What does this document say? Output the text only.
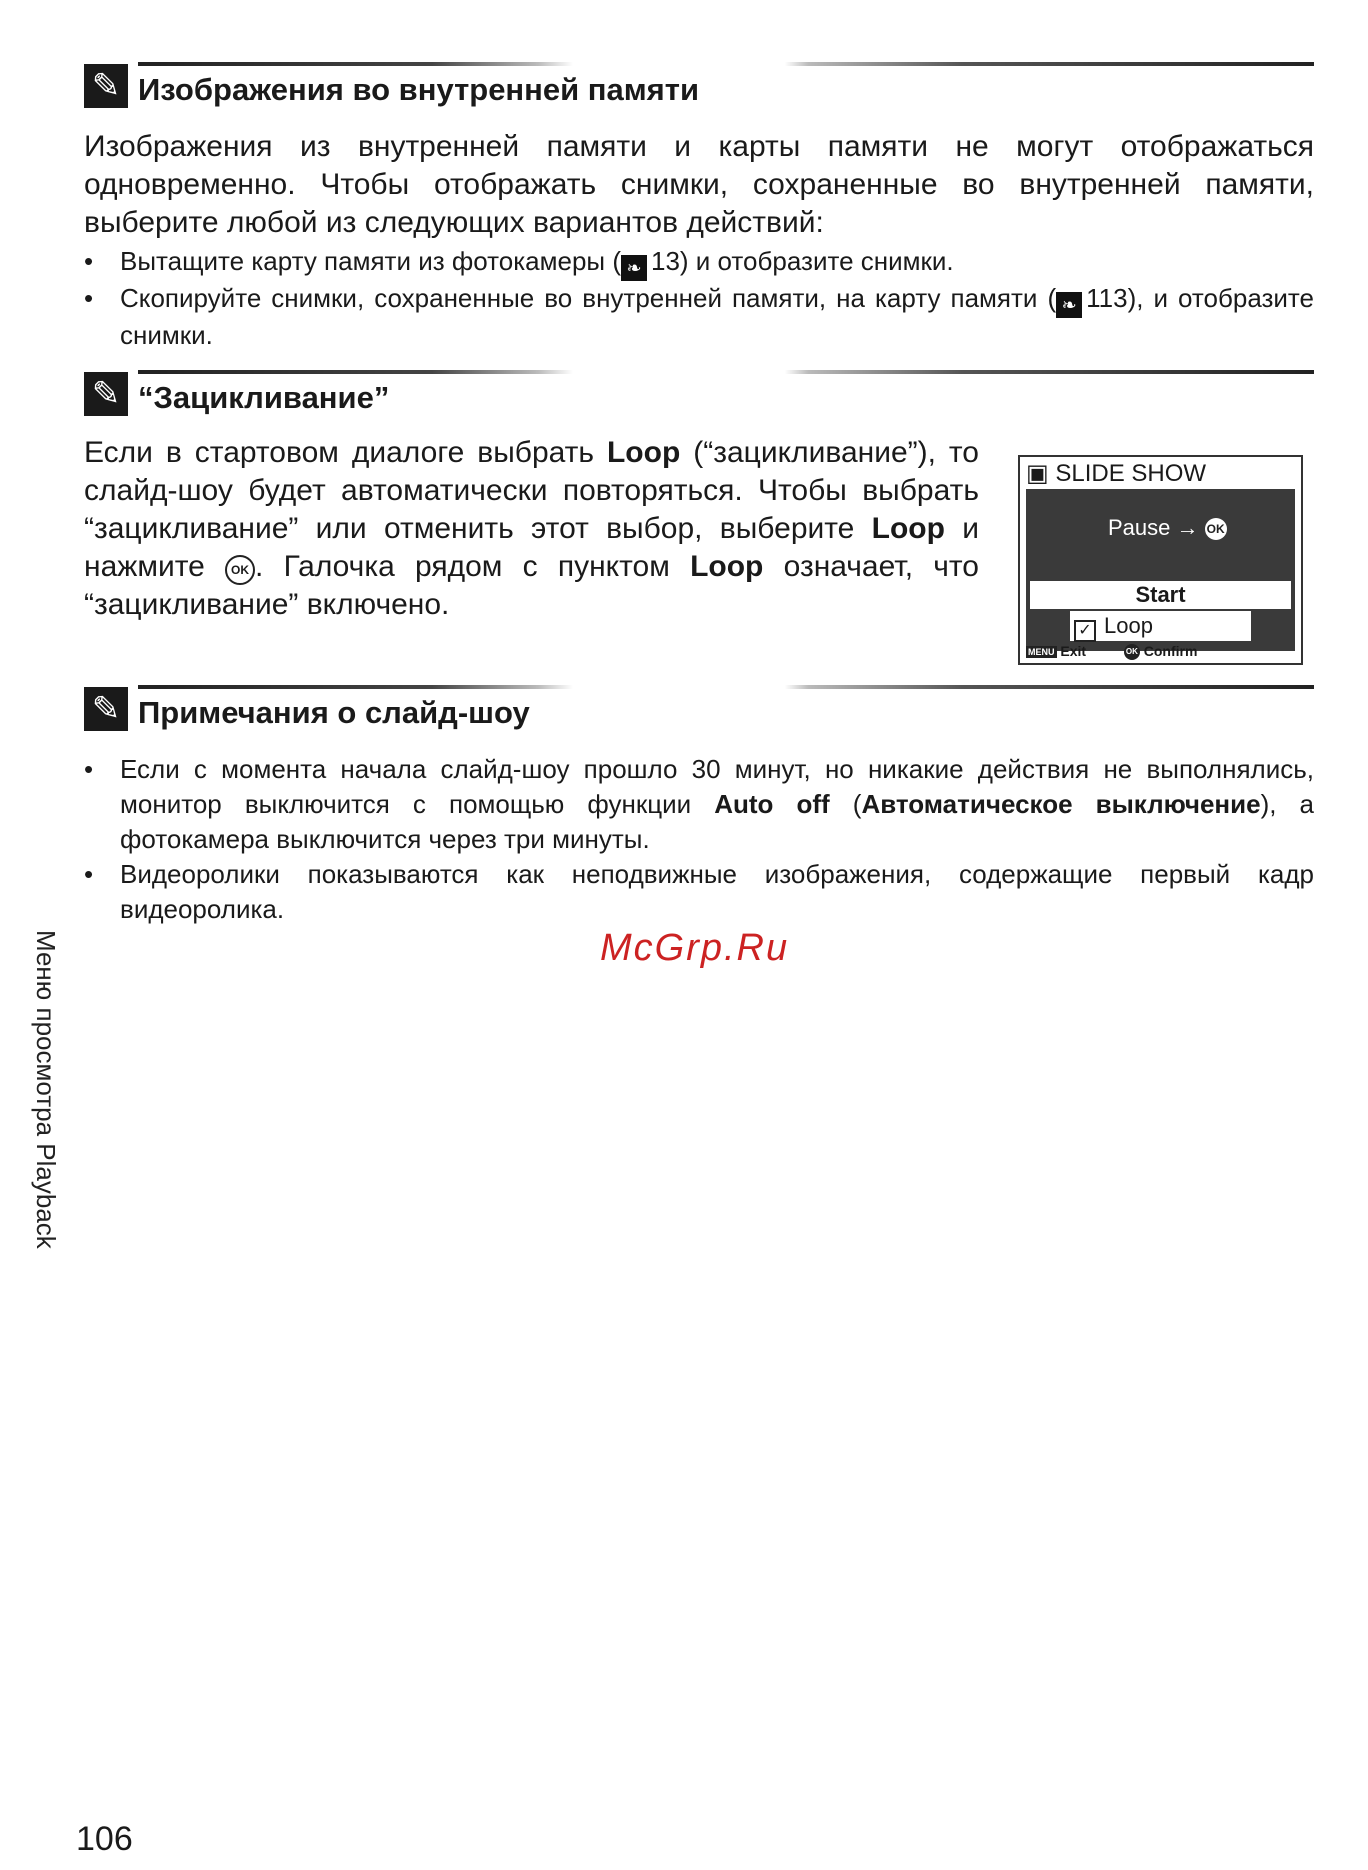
✎ Изображения во внутренней памяти

Изображения из внутренней памяти и карты памяти не могут отображаться одновременно. Чтобы отображать снимки, сохраненные во внутренней памяти, выберите любой из следующих вариантов действий:

• Вытащите карту памяти из фотокамеры ( ❧ 13) и отобразите снимки.
• Скопируйте снимки, сохраненные во внутренней памяти, на карту памяти ( ❧ 113), и отобразите снимки.
✎ “Зацикливание”

Если в стартовом диалоге выбрать Loop (“зацикливание”), то слайд-шоу будет автоматически повторяться. Чтобы выбрать “зацикливание” или отменить этот выбор, выберите Loop и нажмите OK . Галочка рядом с пунктом Loop означает, что “зацикливание” включено.

▣ SLIDE SHOW
Pause → OK
Start
✓ Loop
MENU Exit	OK Confirm
✎ Примечания о слайд-шоу
• Если с момента начала слайд-шоу прошло 30 минут, но никакие действия не выполнялись, монитор выключится с помощью функции Auto off (Автоматическое выключение), а фотокамера выключится через три минуты.
• Видеоролики показываются как неподвижные изображения, содержащие первый кадр видеоролика.
McGrp.Ru
Меню просмотра Playback
106
